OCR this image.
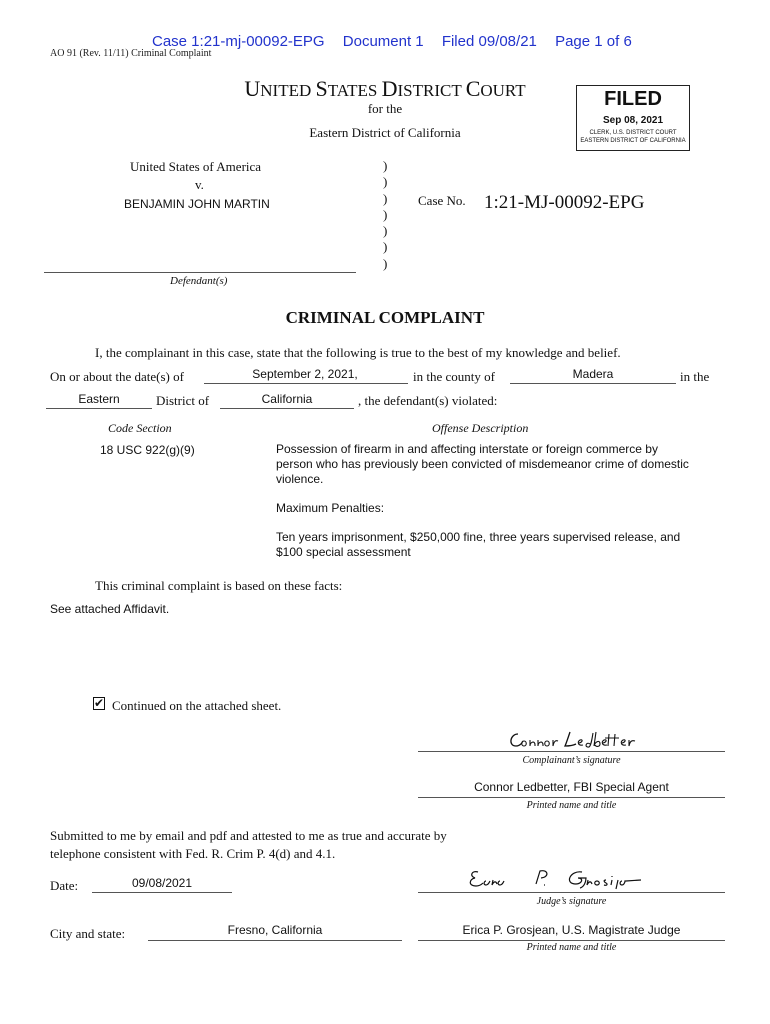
Case 1:21-mj-00092-EPG Document 1 Filed 09/08/21 Page 1 of 6
AO 91 (Rev. 11/11) Criminal Complaint
UNITED STATES DISTRICT COURT
for the
Eastern District of California
FILED
Sep 08, 2021
CLERK, U.S. DISTRICT COURT
EASTERN DISTRICT OF CALIFORNIA
United States of America
v.
BENJAMIN JOHN MARTIN
)
)
)
)
)
)
)
Case No. 1:21-MJ-00092-EPG
Defendant(s)
CRIMINAL COMPLAINT
I, the complainant in this case, state that the following is true to the best of my knowledge and belief.
On or about the date(s) of	September 2, 2021,	in the county of	Madera	in the
Eastern	District of	California	, the defendant(s) violated:
Code Section	Offense Description
18 USC 922(g)(9)	Possession of firearm in and affecting interstate or foreign commerce by person who has previously been convicted of misdemeanor crime of domestic violence.

Maximum Penalties:

Ten years imprisonment, $250,000 fine, three years supervised release, and $100 special assessment

This criminal complaint is based on these facts:
See attached Affidavit.
✔ Continued on the attached sheet.
Complainant’s signature
Connor Ledbetter, FBI Special Agent
Printed name and title
Submitted to me by email and pdf and attested to me as true and accurate by
telephone consistent with Fed. R. Crim P. 4(d) and 4.1.
Date:	09/08/2021
Judge’s signature
City and state:	Fresno, California	Erica P. Grosjean, U.S. Magistrate Judge
Printed name and title
